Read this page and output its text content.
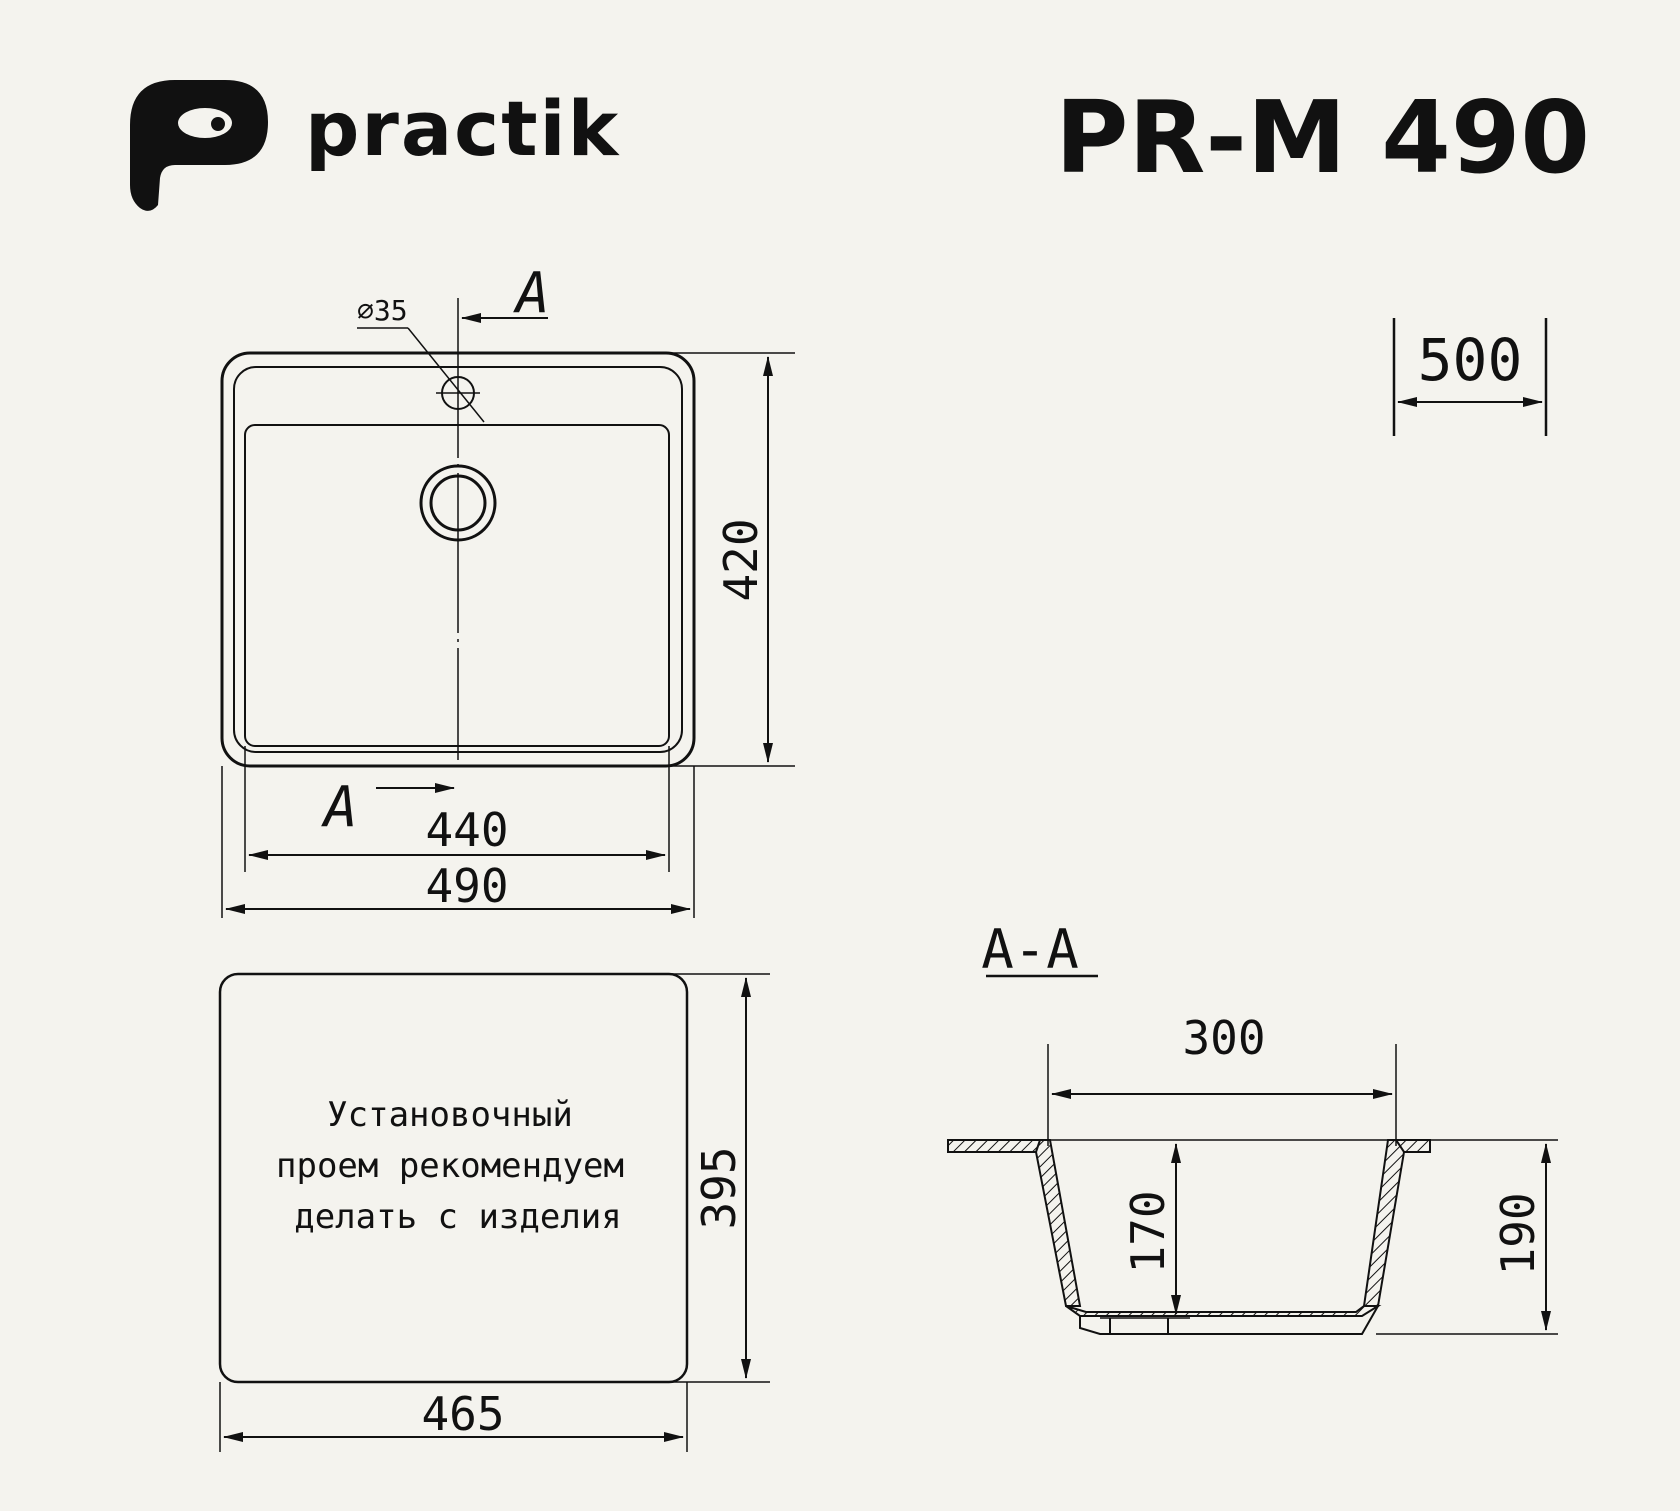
practik	PR-M 490
∅35 A
A
420
440
490
500
Установочный
проем рекомендуем
делать с изделия 395
465
A-A
300
170	190
